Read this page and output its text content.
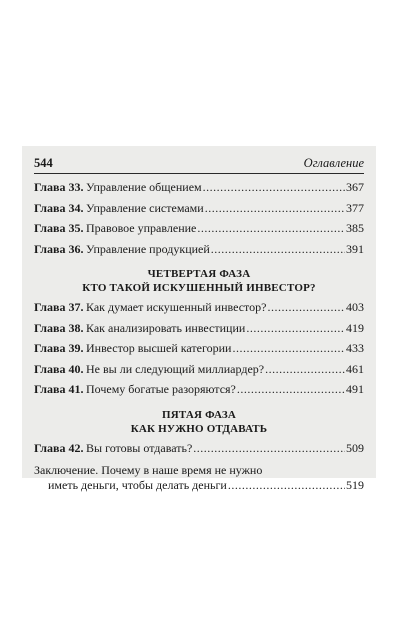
544	Оглавление
Глава 33. Управление общением .....	367
Глава 34. Управление системами .....	377
Глава 35. Правовое управление .....	385
Глава 36. Управление продукцией .....	391
ЧЕТВЕРТАЯ ФАЗА
КТО ТАКОЙ ИСКУШЕННЫЙ ИНВЕСТОР?
Глава 37. Как думает искушенный инвестор? .....	403
Глава 38. Как анализировать инвестиции .....	419
Глава 39. Инвестор высшей категории .....	433
Глава 40. Не вы ли следующий миллиардер? .....	461
Глава 41. Почему богатые разоряются? .....	491
ПЯТАЯ ФАЗА
КАК НУЖНО ОТДАВАТЬ
Глава 42. Вы готовы отдавать? .....	509
Заключение. Почему в наше время не нужно
иметь деньги, чтобы делать деньги .....	519
